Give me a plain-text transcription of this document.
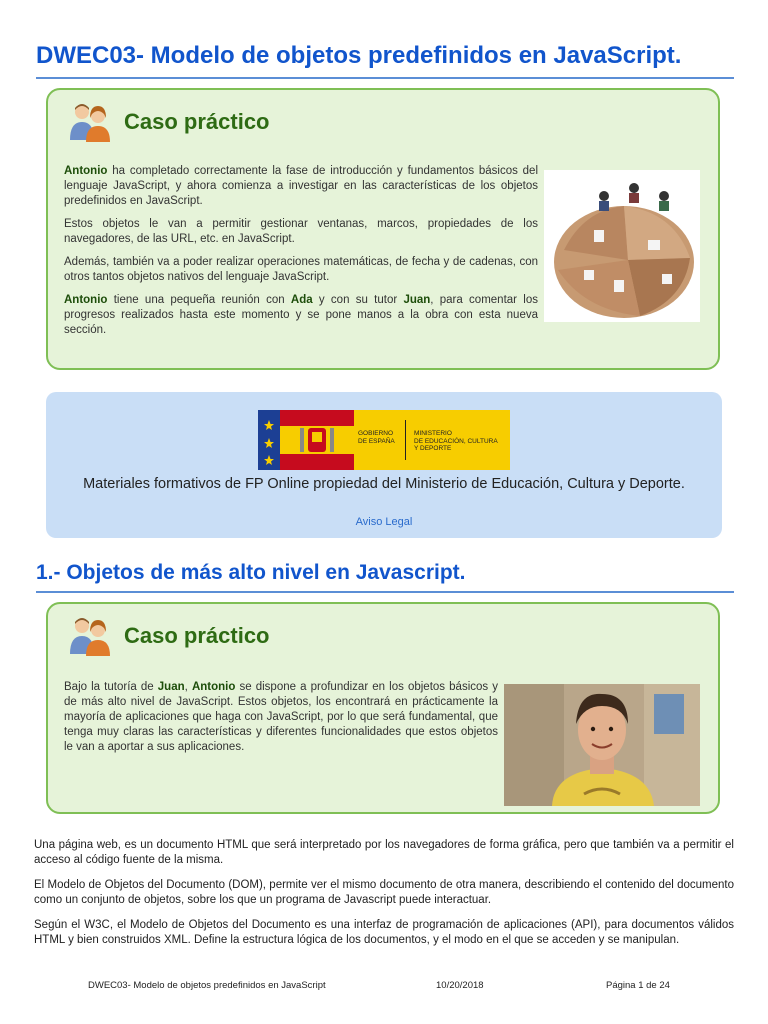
DWEC03- Modelo de objetos predefinidos en JavaScript.
Caso práctico

Antonio ha completado correctamente la fase de introducción y fundamentos básicos del lenguaje JavaScript, y ahora comienza a investigar en las características de los objetos predefinidos en JavaScript.

Estos objetos le van a permitir gestionar ventanas, marcos, propiedades de los navegadores, de las URL, etc. en JavaScript.

Además, también va a poder realizar operaciones matemáticas, de fecha y de cadenas, con otros tantos objetos nativos del lenguaje JavaScript.

Antonio tiene una pequeña reunión con Ada y con su tutor Juan, para comentar los progresos realizados hasta este momento y se pone manos a la obra con esta nueva sección.

GOBIERNO
DE ESPAÑA
MINISTERIO
DE EDUCACIÓN, CULTURA
Y DEPORTE
Materiales formativos de FP Online propiedad del Ministerio de Educación, Cultura y Deporte.
Aviso Legal
1.- Objetos de más alto nivel en Javascript.
Caso práctico

Bajo la tutoría de Juan, Antonio se dispone a profundizar en los objetos básicos y de más alto nivel de JavaScript. Estos objetos, los encontrará en prácticamente la mayoría de aplicaciones que haga con JavaScript, por lo que será fundamental, que tenga muy claras las características y diferentes funcionalidades que estos objetos le van a aportar a sus aplicaciones.

Una página web, es un documento HTML que será interpretado por los navegadores de forma gráfica, pero que también va a permitir el acceso al código fuente de la misma.

El Modelo de Objetos del Documento (DOM), permite ver el mismo documento de otra manera, describiendo el contenido del documento como un conjunto de objetos, sobre los que un programa de Javascript puede interactuar.

Según el W3C, el Modelo de Objetos del Documento es una interfaz de programación de aplicaciones (API), para documentos válidos HTML y bien construidos XML. Define la estructura lógica de los documentos, y el modo en el que se acceden y se manipulan.

DWEC03- Modelo de objetos predefinidos en JavaScript	10/20/2018	Página 1 de 24
